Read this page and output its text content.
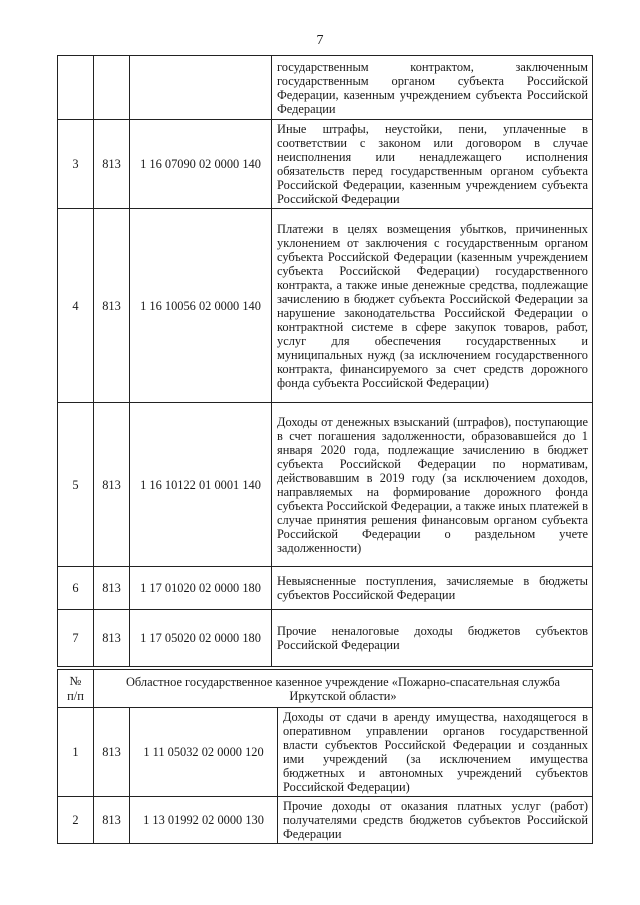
7
			государственным контрактом, заключенным государственным органом субъекта Российской Федерации, казенным учреждением субъекта Российской Федерации
3	813	1 16 07090 02 0000 140	Иные штрафы, неустойки, пени, уплаченные в соответствии с законом или договором в случае неисполнения или ненадлежащего исполнения обязательств перед государственным органом субъекта Российской Федерации, казенным учреждением субъекта Российской Федерации
4	813	1 16 10056 02 0000 140	Платежи в целях возмещения убытков, причиненных уклонением от заключения с государственным органом субъекта Российской Федерации (казенным учреждением субъекта Российской Федерации) государственного контракта, а также иные денежные средства, подлежащие зачислению в бюджет субъекта Российской Федерации за нарушение законодательства Российской Федерации о контрактной системе в сфере закупок товаров, работ, услуг для обеспечения государственных и муниципальных нужд (за исключением государственного контракта, финансируемого за счет средств дорожного фонда субъекта Российской Федерации)
5	813	1 16 10122 01 0001 140	Доходы от денежных взысканий (штрафов), поступающие в счет погашения задолженности, образовавшейся до 1 января 2020 года, подлежащие зачислению в бюджет субъекта Российской Федерации по нормативам, действовавшим в 2019 году (за исключением доходов, направляемых на формирование дорожного фонда субъекта Российской Федерации, а также иных платежей в случае принятия решения финансовым органом субъекта Российской Федерации о раздельном учете задолженности)
6	813	1 17 01020 02 0000 180	Невыясненные поступления, зачисляемые в бюджеты субъектов Российской Федерации
7	813	1 17 05020 02 0000 180	Прочие неналоговые доходы бюджетов субъектов Российской Федерации
№
п/п	Областное государственное казенное учреждение «Пожарно-спасательная служба Иркутской области»
1	813	1 11 05032 02 0000 120	Доходы от сдачи в аренду имущества, находящегося в оперативном управлении органов государственной власти субъектов Российской Федерации и созданных ими учреждений (за исключением имущества бюджетных и автономных учреждений субъектов Российской Федерации)
2	813	1 13 01992 02 0000 130	Прочие доходы от оказания платных услуг (работ) получателями средств бюджетов субъектов Российской Федерации
